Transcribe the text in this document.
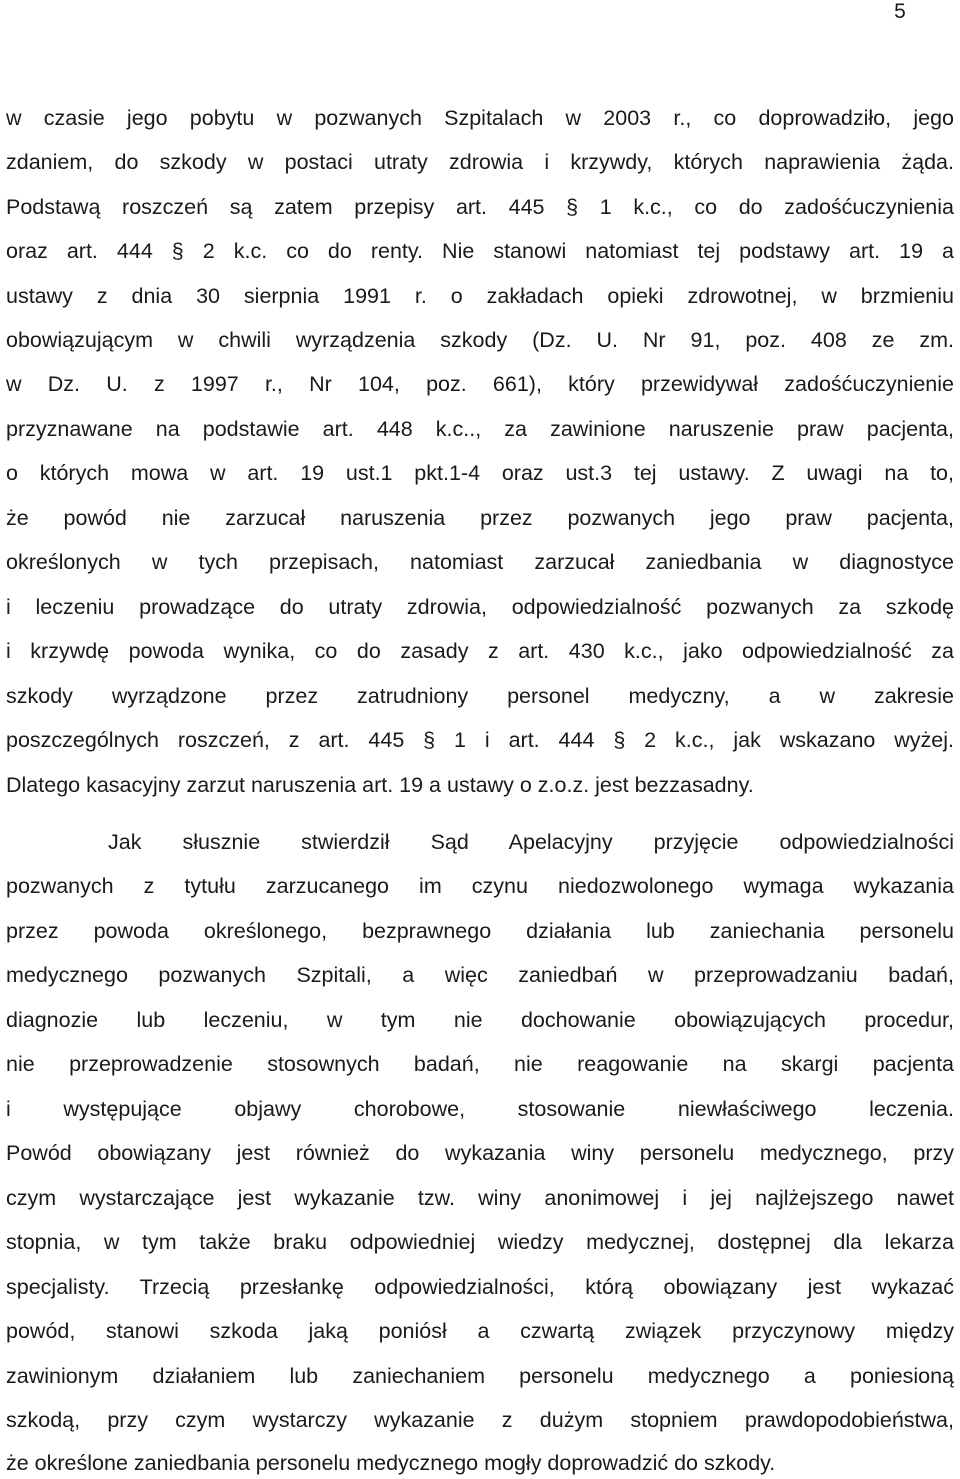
5
w czasie jego pobytu w pozwanych Szpitalach w 2003 r., co doprowadziło, jego
zdaniem, do szkody w postaci utraty zdrowia i krzywdy, których naprawienia żąda.
Podstawą roszczeń są zatem przepisy art. 445 § 1 k.c., co do zadośćuczynienia
oraz art. 444 § 2 k.c. co do renty. Nie stanowi natomiast tej podstawy art. 19 a
ustawy z dnia 30 sierpnia 1991 r. o zakładach opieki zdrowotnej, w brzmieniu
obowiązującym w chwili wyrządzenia szkody (Dz. U. Nr 91, poz. 408 ze zm.
w Dz. U. z 1997 r., Nr 104, poz. 661), który przewidywał zadośćuczynienie
przyznawane na podstawie art. 448 k.c.., za zawinione naruszenie praw pacjenta,
o których mowa w art. 19 ust.1 pkt.1-4 oraz ust.3 tej ustawy. Z uwagi na to,
że powód nie zarzucał naruszenia przez pozwanych jego praw pacjenta,
określonych w tych przepisach, natomiast zarzucał zaniedbania w diagnostyce
i leczeniu prowadzące do utraty zdrowia, odpowiedzialność pozwanych za szkodę
i krzywdę powoda wynika, co do zasady z art. 430 k.c., jako odpowiedzialność za
szkody wyrządzone przez zatrudniony personel medyczny, a w zakresie
poszczególnych roszczeń, z art. 445 § 1 i art. 444 § 2 k.c., jak wskazano wyżej.
Dlatego kasacyjny zarzut naruszenia art. 19 a ustawy o z.o.z. jest bezzasadny.
Jak słusznie stwierdził Sąd Apelacyjny przyjęcie odpowiedzialności
pozwanych z tytułu zarzucanego im czynu niedozwolonego wymaga wykazania
przez powoda określonego, bezprawnego działania lub zaniechania personelu
medycznego pozwanych Szpitali, a więc zaniedbań w przeprowadzaniu badań,
diagnozie lub leczeniu, w tym nie dochowanie obowiązujących procedur,
nie przeprowadzenie stosownych badań, nie reagowanie na skargi pacjenta
i występujące objawy chorobowe, stosowanie niewłaściwego leczenia.
Powód obowiązany jest również do wykazania winy personelu medycznego, przy
czym wystarczające jest wykazanie tzw. winy anonimowej i jej najlżejszego nawet
stopnia, w tym także braku odpowiedniej wiedzy medycznej, dostępnej dla lekarza
specjalisty. Trzecią przesłankę odpowiedzialności, którą obowiązany jest wykazać
powód, stanowi szkoda jaką poniósł a czwartą związek przyczynowy między
zawinionym działaniem lub zaniechaniem personelu medycznego a poniesioną
szkodą, przy czym wystarczy wykazanie z dużym stopniem prawdopodobieństwa,
że określone zaniedbania personelu medycznego mogły doprowadzić do szkody.
